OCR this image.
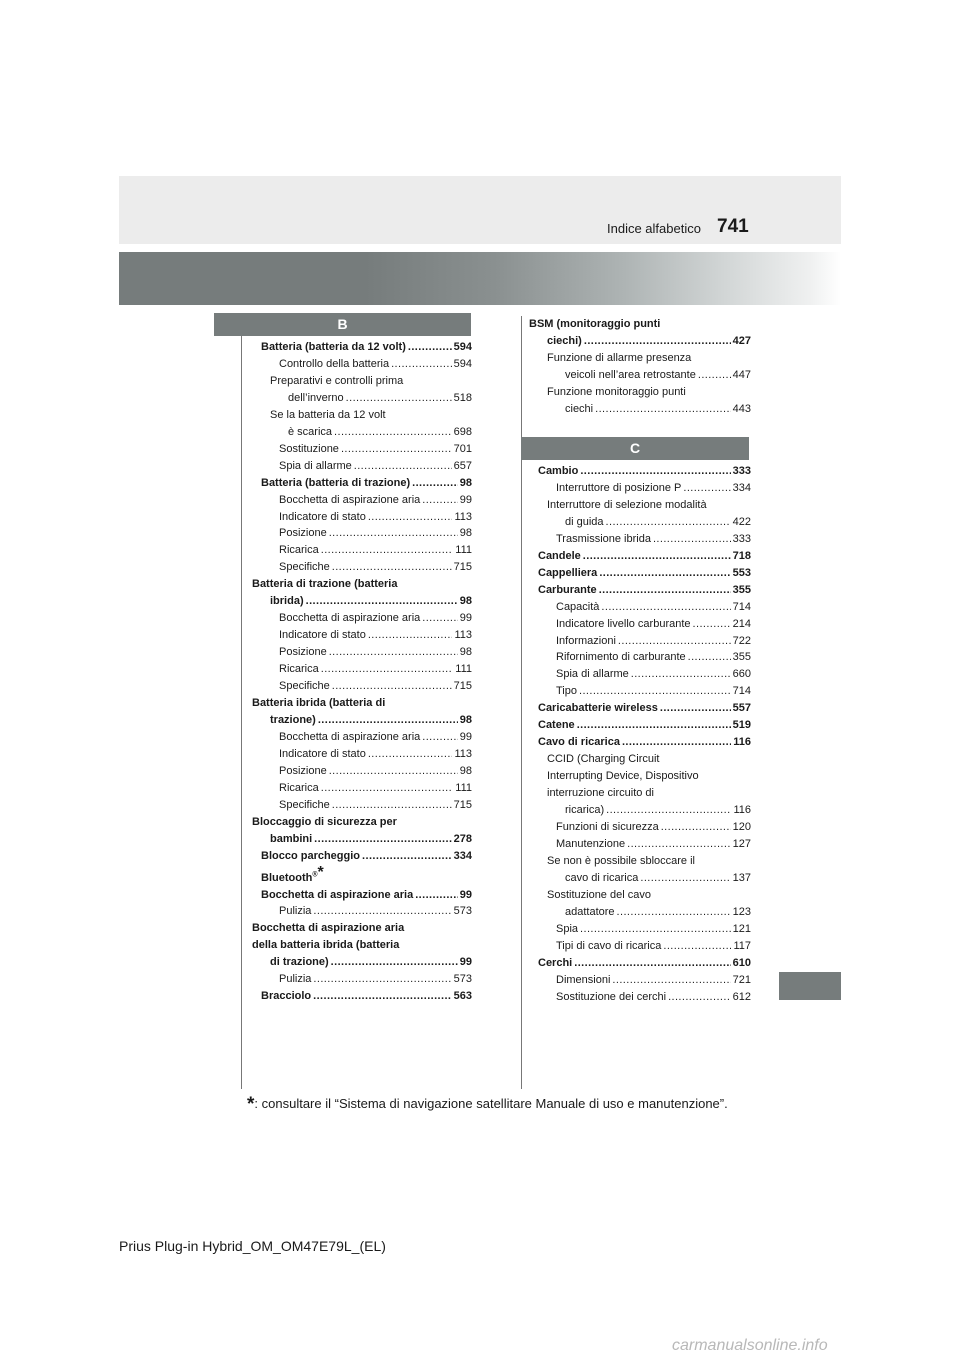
741
Indice alfabetico
B
C
Batteria (batteria da 12 volt) .....	594
Controllo della batteria .....	594
Preparativi e controlli prima
dell’inverno .....	518
Se la batteria da 12 volt
è scarica .....	698
Sostituzione .....	701
Spia di allarme .....	657
Batteria (batteria di trazione) .....	98
Bocchetta di aspirazione aria .....	99
Indicatore di stato .....	113
Posizione .....	98
Ricarica .....	111
Specifiche .....	715
Batteria di trazione (batteria
ibrida) .....	98
Bocchetta di aspirazione aria .....	99
Indicatore di stato .....	113
Posizione .....	98
Ricarica .....	111
Specifiche .....	715
Batteria ibrida (batteria di
trazione) .....	98
Bocchetta di aspirazione aria .....	99
Indicatore di stato .....	113
Posizione .....	98
Ricarica .....	111
Specifiche .....	715
Bloccaggio di sicurezza per
bambini .....	278
Blocco parcheggio .....	334
Bluetooth®*
Bocchetta di aspirazione aria .....	99
Pulizia .....	573
Bocchetta di aspirazione aria
della batteria ibrida (batteria
di trazione) .....	99
Pulizia .....	573
Bracciolo .....	563
BSM (monitoraggio punti
ciechi) .....	427
Funzione di allarme presenza
veicoli nell’area retrostante .....	447
Funzione monitoraggio punti
ciechi .....	443
Cambio .....	333
Interruttore di posizione P .....	334
Interruttore di selezione modalità
di guida .....	422
Trasmissione ibrida .....	333
Candele .....	718
Cappelliera .....	553
Carburante .....	355
Capacità .....	714
Indicatore livello carburante .....	214
Informazioni .....	722
Rifornimento di carburante .....	355
Spia di allarme .....	660
Tipo .....	714
Caricabatterie wireless .....	557
Catene .....	519
Cavo di ricarica .....	116
CCID (Charging Circuit
Interrupting Device, Dispositivo
interruzione circuito di
ricarica) .....	116
Funzioni di sicurezza .....	120
Manutenzione .....	127
Se non è possibile sbloccare il
cavo di ricarica .....	137
Sostituzione del cavo
adattatore .....	123
Spia .....	121
Tipi di cavo di ricarica .....	117
Cerchi .....	610
Dimensioni .....	721
Sostituzione dei cerchi .....	612
*: consultare il “Sistema di navigazione satellitare Manuale di uso e manutenzione”.
Prius Plug-in Hybrid_OM_OM47E79L_(EL)
carmanualsonline.info
